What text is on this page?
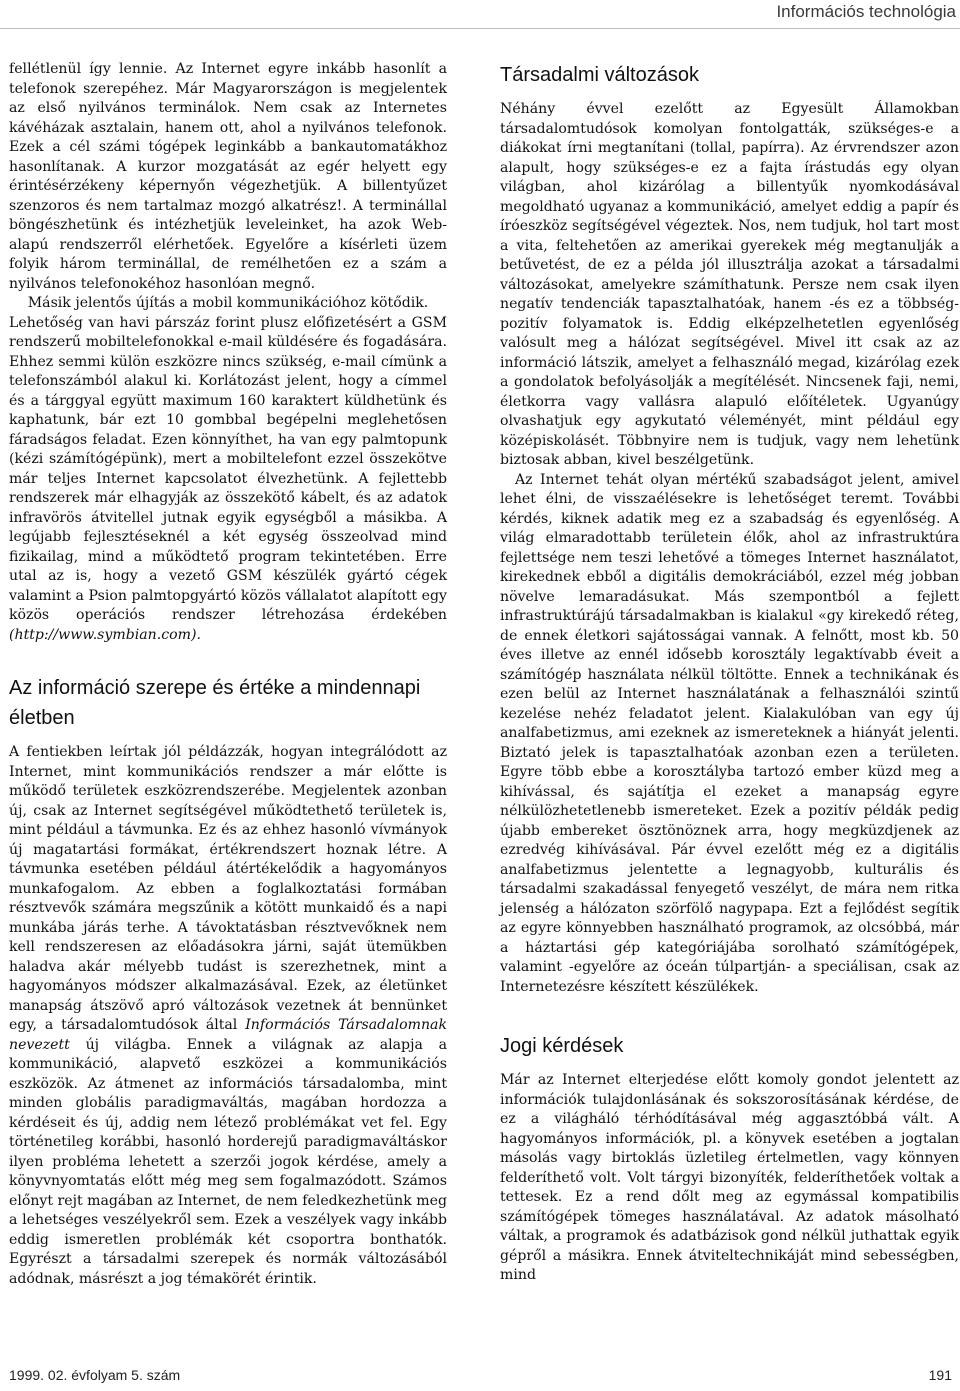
Információs technológia

fellétlenül így lennie. Az Internet egyre inkább hasonlít a telefonok szerepéhez. Már Magyarországon is megjelentek az első nyilvános terminálok. Nem csak az Internetes kávéházak asztalain, hanem ott, ahol a nyilvános telefonok. Ezek a cél számi tógépek leginkább a bankautomatákhoz hasonlítanak. A kurzor mozgatását az egér helyett egy érintésérzékeny képernyőn végezhetjük. A billentyűzet szenzoros és nem tartalmaz mozgó alkatrész!. A terminállal böngészhetünk és intézhetjük leveleinket, ha azok Web-alapú rendszerről elérhetőek. Egyelőre a kísérleti üzem folyik három terminállal, de remélhetően ez a szám a nyilvános telefonokéhoz hasonlóan megnő.

Másik jelentős újítás a mobil kommunikációhoz kötődik.

Lehetőség van havi párszáz forint plusz előfizetésért a GSM rendszerű mobiltelefonokkal e-mail küldésére és fogadására. Ehhez semmi külön eszközre nincs szükség, e-mail címünk a telefonszámból alakul ki. Korlátozást jelent, hogy a címmel és a tárggyal együtt maximum 160 karaktert küldhetünk és kaphatunk, bár ezt 10 gombbal begépelni meglehetősen fáradságos feladat. Ezen könnyíthet, ha van egy palmtopunk (kézi számítógépünk), mert a mobiltelefont ezzel összekötve már teljes Internet kapcsolatot élvezhetünk. A fejlettebb rendszerek már elhagyják az összekötő kábelt, és az adatok infravörös átvitellel jutnak egyik egységből a másikba. A legújabb fejlesztéseknél a két egység összeolvad mind fizikailag, mind a működtető program tekintetében. Erre utal az is, hogy a vezető GSM készülék gyártó cégek valamint a Psion palmtopgyártó közös vállalatot alapított egy közös operációs rendszer létrehozása érdekében (http://www.symbian.com).

Az információ szerepe és értéke a mindennapi életben

A fentiekben leírtak jól példázzák, hogyan integrálódott az Internet, mint kommunikációs rendszer a már előtte is működő területek eszközrendszerébe. Megjelentek azonban új, csak az Internet segítségével működtethető területek is, mint például a távmunka. Ez és az ehhez hasonló vívmányok új magatartási formákat, értékrendszert hoznak létre. A távmunka esetében például átértékelődik a hagyományos munkafogalom. Az ebben a foglalkoztatási formában résztvevők számára megszűnik a kötött munkaidő és a napi munkába járás terhe. A távoktatásban résztvevőknek nem kell rendszeresen az előadásokra járni, saját ütemükben haladva akár mélyebb tudást is szerezhetnek, mint a hagyományos módszer alkalmazásával. Ezek, az életünket manapság átszövő apró változások vezetnek át bennünket egy, a társadalomtudósok által Információs Társadalomnak nevezett új világba. Ennek a világnak az alapja a kommunikáció, alapvető eszközei a kommunikációs eszközök. Az átmenet az információs társadalomba, mint minden globális paradigmaváltás, magában hordozza a kérdéseit és új, addig nem létező problémákat vet fel. Egy történetileg korábbi, hasonló horderejű paradigmaváltáskor ilyen probléma lehetett a szerzői jogok kérdése, amely a könyvnyomtatás előtt még meg sem fogalmazódott. Számos előnyt rejt magában az Internet, de nem feledkezhetünk meg a lehetséges veszélyekről sem. Ezek a veszélyek vagy inkább eddig ismeretlen problémák két csoportra bonthatók. Egyrészt a társadalmi szerepek és normák változásából adódnak, másrészt a jog témakörét érintik.

Társadalmi változások

Néhány évvel ezelőtt az Egyesült Államokban társadalomtudósok komolyan fontolgatták, szükséges-e a diákokat írni megtanítani (tollal, papírra). Az érvrendszer azon alapult, hogy szükséges-e ez a fajta írástudás egy olyan világban, ahol kizárólag a billentyűk nyomkodásával megoldható ugyanaz a kommunikáció, amelyet eddig a papír és íróeszköz segítségével végeztek. Nos, nem tudjuk, hol tart most a vita, feltehetően az amerikai gyerekek még megtanulják a betűvetést, de ez a példa jól illusztrálja azokat a társadalmi változásokat, amelyekre számíthatunk. Persze nem csak ilyen negatív tendenciák tapasztalhatóak, hanem -és ez a többség- pozitív folyamatok is. Eddig elképzelhetetlen egyenlőség valósult meg a hálózat segítségével. Mivel itt csak az az információ látszik, amelyet a felhasználó megad, kizárólag ezek a gondolatok befolyásolják a megítélését. Nincsenek faji, nemi, életkorra vagy vallásra alapuló előítéletek. Ugyanúgy olvashatjuk egy agykutató véleményét, mint például egy középiskolásét. Többnyire nem is tudjuk, vagy nem lehetünk biztosak abban, kivel beszélgetünk.

Az Internet tehát olyan mértékű szabadságot jelent, amivel lehet élni, de visszaélésekre is lehetőséget teremt. További kérdés, kiknek adatik meg ez a szabadság és egyenlőség. A világ elmaradottabb területein élők, ahol az infrastruktúra fejlettsége nem teszi lehetővé a tömeges Internet használatot, kirekednek ebből a digitális demokráciából, ezzel még jobban növelve lemaradásukat. Más szempontból a fejlett infrastruktúrájú társadalmakban is kialakul «gy kirekedő réteg, de ennek életkori sajátosságai vannak. A felnőtt, most kb. 50 éves illetve az ennél idősebb korosztály legaktívabb éveit a számítógép használata nélkül töltötte. Ennek a technikának és ezen belül az Internet használatának a felhasználói szintű kezelése nehéz feladatot jelent. Kialakulóban van egy új analfabetizmus, ami ezeknek az ismereteknek a hiányát jelenti. Biztató jelek is tapasztalhatóak azonban ezen a területen. Egyre több ebbe a korosztályba tartozó ember küzd meg a kihívással, és sajátítja el ezeket a manapság egyre nélkülözhetetlenebb ismereteket. Ezek a pozitív példák pedig újabb embereket ösztönöznek arra, hogy megküzdjenek az ezredvég kihívásával. Pár évvel ezelőtt még ez a digitális analfabetizmus jelentette a legnagyobb, kulturális és társadalmi szakadással fenyegető veszélyt, de mára nem ritka jelenség a hálózaton szörfölő nagypapa. Ezt a fejlődést segítik az egyre könnyebben használható programok, az olcsóbbá, már a háztartási gép kategóriájába sorolható számítógépek, valamint -egyelőre az óceán túlpartján- a speciálisan, csak az Internetezésre készített készülékek.

Jogi kérdések

Már az Internet elterjedése előtt komoly gondot jelentett az információk tulajdonlásának és sokszorosításának kérdése, de ez a világháló térhódításával még aggasztóbbá vált. A hagyományos információk, pl. a könyvek esetében a jogtalan másolás vagy birtoklás üzletileg értelmetlen, vagy könnyen felderíthető volt. Volt tárgyi bizonyíték, felderíthetőek voltak a tettesek. Ez a rend dőlt meg az egymással kompatibilis számítógépek tömeges használatával. Az adatok másolható váltak, a programok és adatbázisok gond nélkül juthattak egyik gépről a másikra. Ennek átviteltechnikáját mind sebességben, mind

1999. 02. évfolyam 5. szám	191
